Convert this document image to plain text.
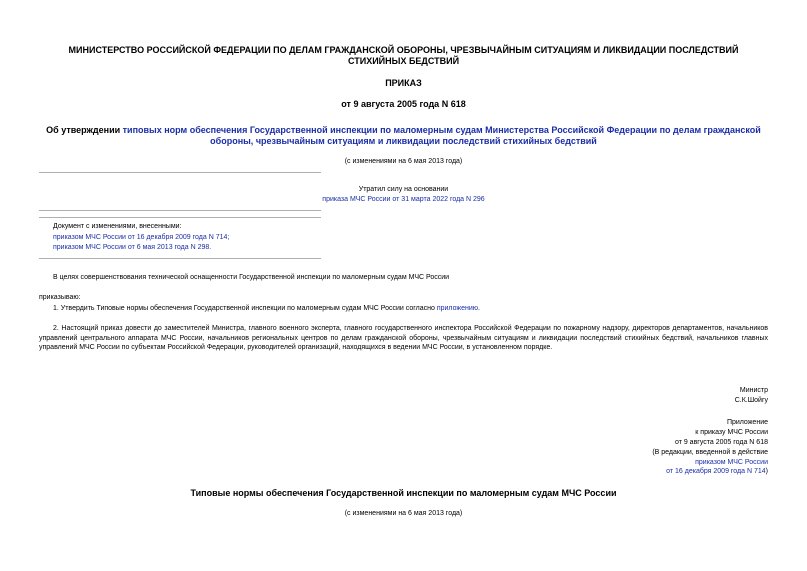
МИНИСТЕРСТВО РОССИЙСКОЙ ФЕДЕРАЦИИ ПО ДЕЛАМ ГРАЖДАНСКОЙ ОБОРОНЫ, ЧРЕЗВЫЧАЙНЫМ СИТУАЦИЯМ И ЛИКВИДАЦИИ ПОСЛЕДСТВИЙ СТИХИЙНЫХ БЕДСТВИЙ
ПРИКАЗ
от 9 августа 2005 года N 618
Об утверждении типовых норм обеспечения Государственной инспекции по маломерным судам Министерства Российской Федерации по делам гражданской обороны, чрезвычайным ситуациям и ликвидации последствий стихийных бедствий
(с изменениями на 6 мая 2013 года)
Утратил силу на основании
приказа МЧС России от 31 марта 2022 года N 296
Документ с изменениями, внесенными:
приказом МЧС России от 16 декабря 2009 года N 714;
приказом МЧС России от 6 мая 2013 года N 298.
В целях совершенствования технической оснащенности Государственной инспекции по маломерным судам МЧС России
приказываю:
1. Утвердить Типовые нормы обеспечения Государственной инспекции по маломерным судам МЧС России согласно приложению.
2. Настоящий приказ довести до заместителей Министра, главного военного эксперта, главного государственного инспектора Российской Федерации по пожарному надзору, директоров департаментов, начальников управлений центрального аппарата МЧС России, начальников региональных центров по делам гражданской обороны, чрезвычайным ситуациям и ликвидации последствий стихийных бедствий, начальников главных управлений МЧС России по субъектам Российской Федерации, руководителей организаций, находящихся в ведении МЧС России, в установленном порядке.
Министр
С.К.Шойгу
Приложение
к приказу МЧС России
от 9 августа 2005 года N 618
(В редакции, введенной в действие
приказом МЧС России
от 16 декабря 2009 года N 714)
Типовые нормы обеспечения Государственной инспекции по маломерным судам МЧС России
(с изменениями на 6 мая 2013 года)
